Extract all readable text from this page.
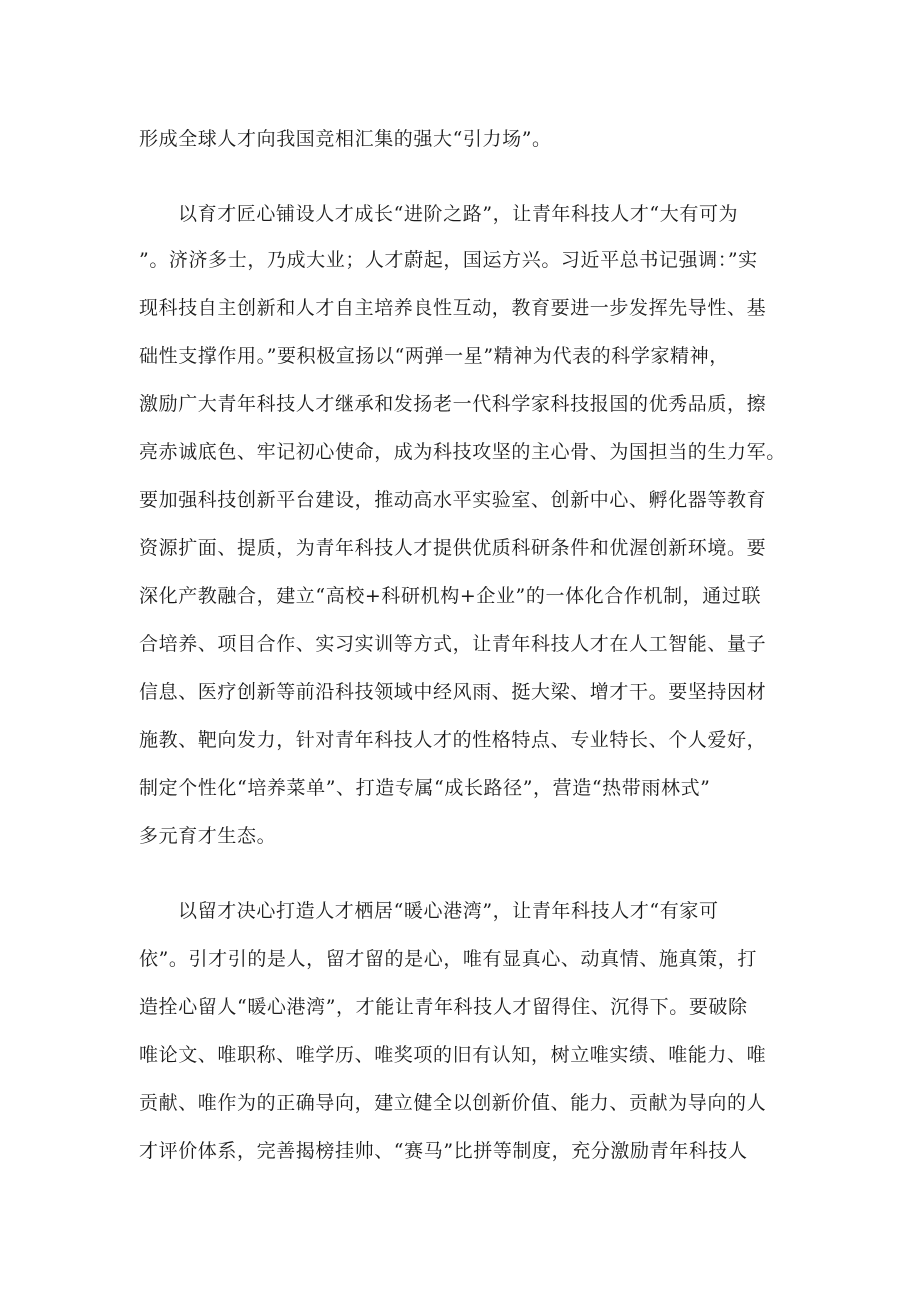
形成全球人才向我国竞相汇集的强大“引力场”。

以育才匠心铺设人才成长“进阶之路”，让青年科技人才“大有可为

”。济济多士，乃成大业；人才蔚起，国运方兴。习近平总书记强调：”实

现科技自主创新和人才自主培养良性互动，教育要进一步发挥先导性、基

础性支撑作用。”要积极宣扬以“两弹一星”精神为代表的科学家精神，

激励广大青年科技人才继承和发扬老一代科学家科技报国的优秀品质，擦

亮赤诚底色、牢记初心使命，成为科技攻坚的主心骨、为国担当的生力军。

要加强科技创新平台建设，推动高水平实验室、创新中心、孵化器等教育

资源扩面、提质，为青年科技人才提供优质科研条件和优渥创新环境。要

深化产教融合，建立“高校+科研机构+企业”的一体化合作机制，通过联

合培养、项目合作、实习实训等方式，让青年科技人才在人工智能、量子

信息、医疗创新等前沿科技领域中经风雨、挺大梁、增才干。要坚持因材

施教、靶向发力，针对青年科技人才的性格特点、专业特长、个人爱好，

制定个性化“培养菜单”、打造专属“成长路径”，营造“热带雨林式”

多元育才生态。

以留才决心打造人才栖居“暖心港湾”，让青年科技人才“有家可

依”。引才引的是人，留才留的是心，唯有显真心、动真情、施真策，打

造拴心留人“暖心港湾”，才能让青年科技人才留得住、沉得下。要破除

唯论文、唯职称、唯学历、唯奖项的旧有认知，树立唯实绩、唯能力、唯

贡献、唯作为的正确导向，建立健全以创新价值、能力、贡献为导向的人

才评价体系，完善揭榜挂帅、“赛马”比拼等制度，充分激励青年科技人
